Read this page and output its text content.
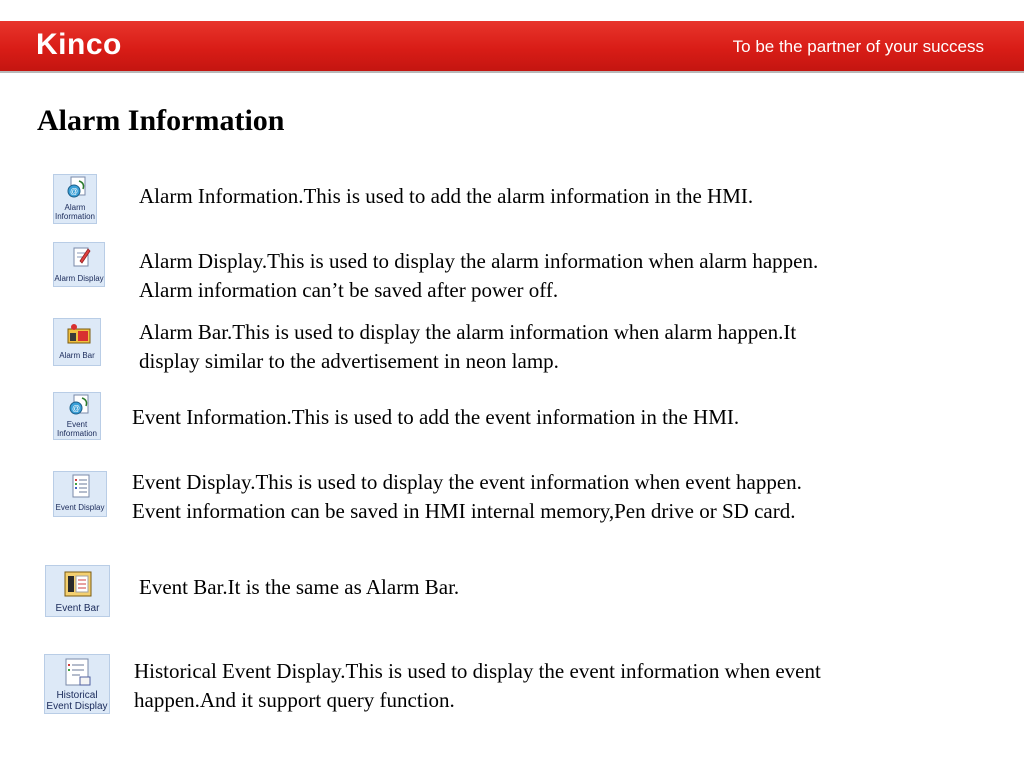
Kinco	To be the partner of your success
Alarm Information
@
Alarm
Information
Alarm Information.This is used to add the alarm information in the HMI.
Alarm Display
Alarm Display.This is used to display the alarm information when alarm happen.
Alarm information can’t be saved after power off.
Alarm Bar
Alarm Bar.This is used to display the alarm information when alarm happen.It
display similar to the advertisement in neon lamp.
@
Event
Information
Event Information.This is used to add the event information in the HMI.
Event Display
Event Display.This is used to display the event information when event happen.
Event information can be saved in HMI internal memory,Pen drive or SD card.
Event Bar
Event Bar.It is the same as Alarm Bar.
Historical
Event Display
Historical Event Display.This is used to display the event information when event
happen.And it support query function.
